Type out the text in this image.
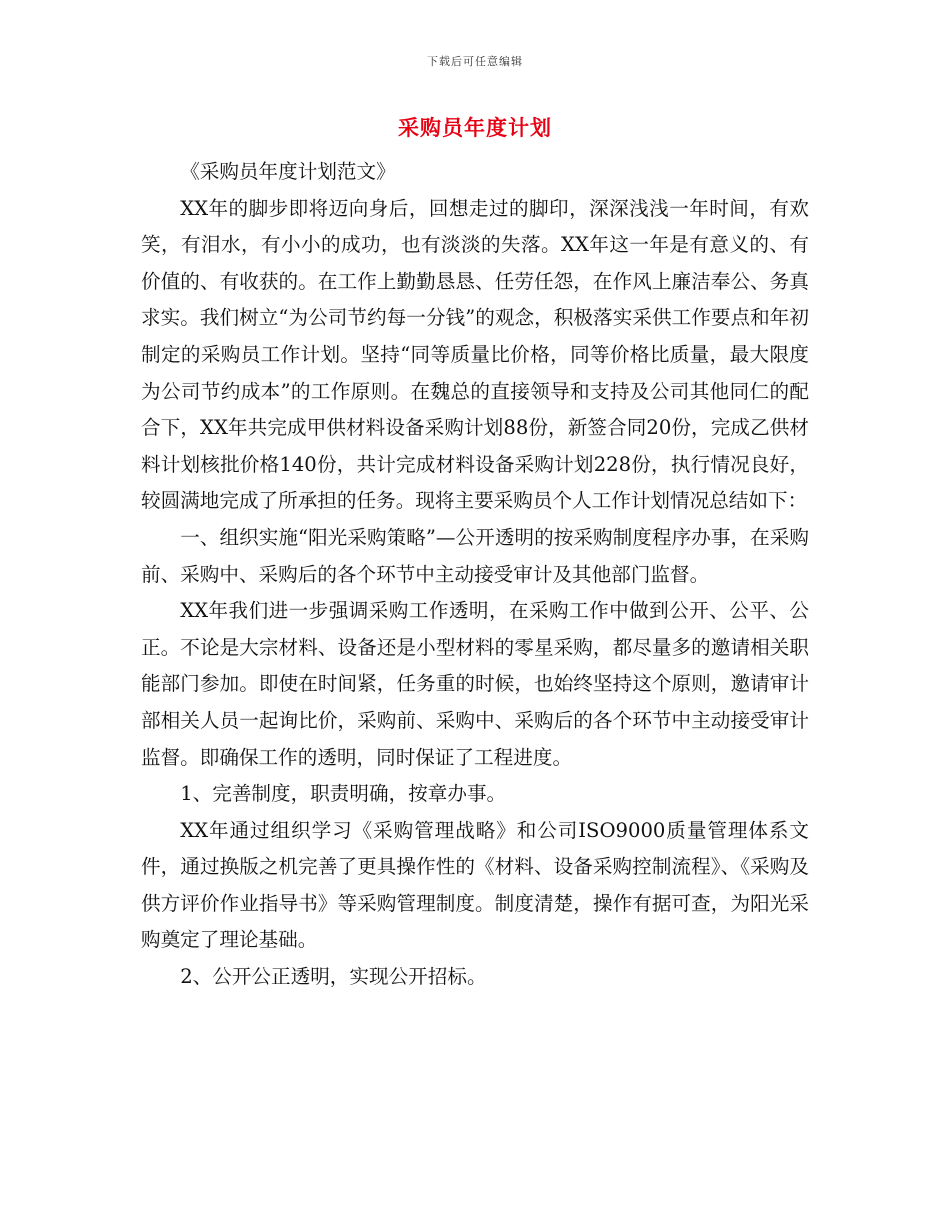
下载后可任意编辑
采购员年度计划

《采购员年度计划范文》

XX年的脚步即将迈向身后，回想走过的脚印，深深浅浅一年时间，有欢笑，有泪水，有小小的成功，也有淡淡的失落。XX年这一年是有意义的、有价值的、有收获的。在工作上勤勤恳恳、任劳任怨，在作风上廉洁奉公、务真求实。我们树立“为公司节约每一分钱”的观念，积极落实采供工作要点和年初制定的采购员工作计划。坚持“同等质量比价格，同等价格比质量，最大限度为公司节约成本”的工作原则。在魏总的直接领导和支持及公司其他同仁的配合下，XX年共完成甲供材料设备采购计划88份，新签合同20份，完成乙供材料计划核批价格140份，共计完成材料设备采购计划228份，执行情况良好，较圆满地完成了所承担的任务。现将主要采购员个人工作计划情况总结如下：

一、组织实施“阳光采购策略”—公开透明的按采购制度程序办事，在采购前、采购中、采购后的各个环节中主动接受审计及其他部门监督。

XX年我们进一步强调采购工作透明，在采购工作中做到公开、公平、公正。不论是大宗材料、设备还是小型材料的零星采购，都尽量多的邀请相关职能部门参加。即使在时间紧，任务重的时候，也始终坚持这个原则，邀请审计部相关人员一起询比价，采购前、采购中、采购后的各个环节中主动接受审计监督。即确保工作的透明，同时保证了工程进度。

1、完善制度，职责明确，按章办事。

XX年通过组织学习《采购管理战略》和公司ISO9000质量管理体系文件，通过换版之机完善了更具操作性的《材料、设备采购控制流程》、《采购及供方评价作业指导书》等采购管理制度。制度清楚，操作有据可查，为阳光采购奠定了理论基础。

2、公开公正透明，实现公开招标。
